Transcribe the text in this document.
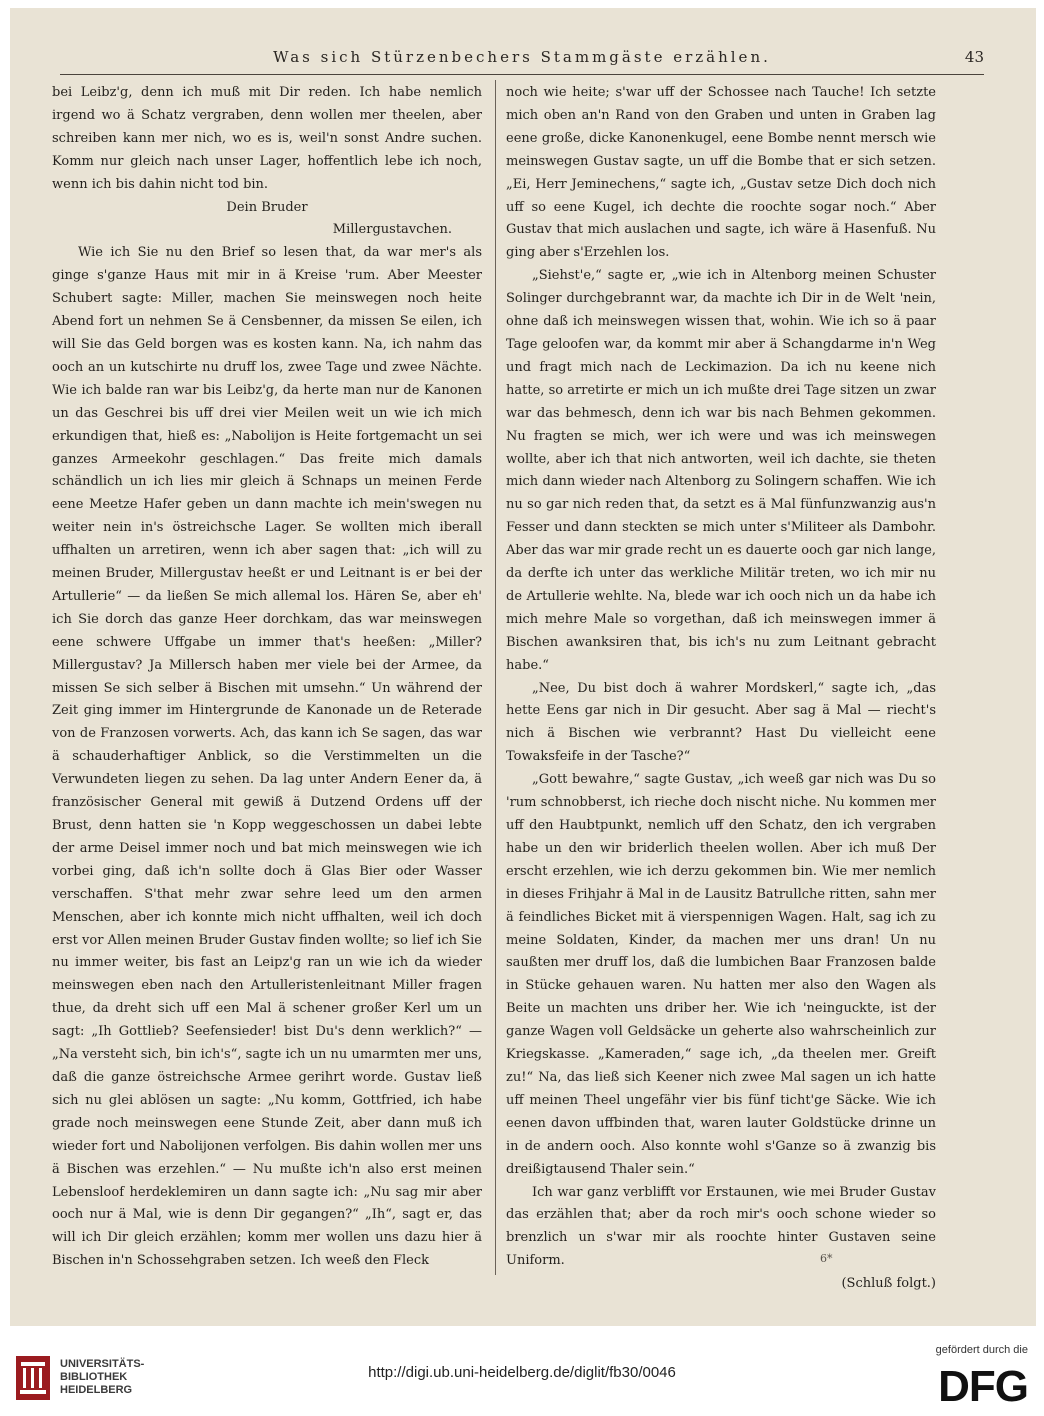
Was sich Stürzenbechers Stammgäste erzählen.	43

bei Leibz'g, denn ich muß mit Dir reden. Ich habe nemlich irgend wo ä Schatz vergraben, denn wollen mer theelen, aber schreiben kann mer nich, wo es is, weil'n sonst Andre suchen. Komm nur gleich nach unser Lager, hoffentlich lebe ich noch, wenn ich bis dahin nicht tod bin.

Dein Bruder

Millergustavchen.

Wie ich Sie nu den Brief so lesen that, da war mer's als ginge s'ganze Haus mit mir in ä Kreise 'rum. Aber Meester Schubert sagte: Miller, machen Sie meinswegen noch heite Abend fort un nehmen Se ä Censbenner, da missen Se eilen, ich will Sie das Geld borgen was es kosten kann. Na, ich nahm das ooch an un kutschirte nu druff los, zwee Tage und zwee Nächte. Wie ich balde ran war bis Leibz'g, da herte man nur de Kanonen un das Geschrei bis uff drei vier Meilen weit un wie ich mich erkundigen that, hieß es: „Nabolijon is Heite fortgemacht un sei ganzes Armeekohr geschlagen.“ Das freite mich damals schändlich un ich lies mir gleich ä Schnaps un meinen Ferde eene Meetze Hafer geben un dann machte ich mein'swegen nu weiter nein in's östreichsche Lager. Se wollten mich iberall uffhalten un arretiren, wenn ich aber sagen that: „ich will zu meinen Bruder, Millergustav heeßt er und Leitnant is er bei der Artullerie“ — da ließen Se mich allemal los. Hären Se, aber eh' ich Sie dorch das ganze Heer dorchkam, das war meinswegen eene schwere Uffgabe un immer that's heeßen: „Miller? Millergustav? Ja Millersch haben mer viele bei der Armee, da missen Se sich selber ä Bischen mit umsehn.“ Un während der Zeit ging immer im Hintergrunde de Kanonade un de Reterade von de Franzosen vorwerts. Ach, das kann ich Se sagen, das war ä schauderhaftiger Anblick, so die Verstimmelten un die Verwundeten liegen zu sehen. Da lag unter Andern Eener da, ä französischer General mit gewiß ä Dutzend Ordens uff der Brust, denn hatten sie 'n Kopp weggeschossen un dabei lebte der arme Deisel immer noch und bat mich meinswegen wie ich vorbei ging, daß ich'n sollte doch ä Glas Bier oder Wasser verschaffen. S'that mehr zwar sehre leed um den armen Menschen, aber ich konnte mich nicht uffhalten, weil ich doch erst vor Allen meinen Bruder Gustav finden wollte; so lief ich Sie nu immer weiter, bis fast an Leipz'g ran un wie ich da wieder meinswegen eben nach den Artulleristenleitnant Miller fragen thue, da dreht sich uff een Mal ä schener großer Kerl um un sagt: „Ih Gottlieb? Seefensieder! bist Du's denn werklich?“ — „Na versteht sich, bin ich's“, sagte ich un nu umarmten mer uns, daß die ganze östreichsche Armee gerihrt worde. Gustav ließ sich nu glei ablösen un sagte: „Nu komm, Gottfried, ich habe grade noch meinswegen eene Stunde Zeit, aber dann muß ich wieder fort und Nabolijonen verfolgen. Bis dahin wollen mer uns ä Bischen was erzehlen.“ — Nu mußte ich'n also erst meinen Lebensloof herdeklemiren un dann sagte ich: „Nu sag mir aber ooch nur ä Mal, wie is denn Dir gegangen?“ „Ih“, sagt er, das will ich Dir gleich erzählen; komm mer wollen uns dazu hier ä Bischen in'n Schossehgraben setzen. Ich weeß den Fleck

noch wie heite; s'war uff der Schossee nach Tauche! Ich setzte mich oben an'n Rand von den Graben und unten in Graben lag eene große, dicke Kanonenkugel, eene Bombe nennt mersch wie meinswegen Gustav sagte, un uff die Bombe that er sich setzen. „Ei, Herr Jeminechens,“ sagte ich, „Gustav setze Dich doch nich uff so eene Kugel, ich dechte die roochte sogar noch.“ Aber Gustav that mich auslachen und sagte, ich wäre ä Hasenfuß. Nu ging aber s'Erzehlen los.

„Siehst'e,“ sagte er, „wie ich in Altenborg meinen Schuster Solinger durchgebrannt war, da machte ich Dir in de Welt 'nein, ohne daß ich meinswegen wissen that, wohin. Wie ich so ä paar Tage geloofen war, da kommt mir aber ä Schangdarme in'n Weg und fragt mich nach de Leckimazion. Da ich nu keene nich hatte, so arretirte er mich un ich mußte drei Tage sitzen un zwar war das behmesch, denn ich war bis nach Behmen gekommen. Nu fragten se mich, wer ich were und was ich meinswegen wollte, aber ich that nich antworten, weil ich dachte, sie theten mich dann wieder nach Altenborg zu Solingern schaffen. Wie ich nu so gar nich reden that, da setzt es ä Mal fünfunzwanzig aus'n Fesser und dann steckten se mich unter s'Militeer als Dambohr. Aber das war mir grade recht un es dauerte ooch gar nich lange, da derfte ich unter das werkliche Militär treten, wo ich mir nu de Artullerie wehlte. Na, blede war ich ooch nich un da habe ich mich mehre Male so vorgethan, daß ich meinswegen immer ä Bischen awanksiren that, bis ich's nu zum Leitnant gebracht habe.“

„Nee, Du bist doch ä wahrer Mordskerl,“ sagte ich, „das hette Eens gar nich in Dir gesucht. Aber sag ä Mal — riecht's nich ä Bischen wie verbrannt? Hast Du vielleicht eene Towaksfeife in der Tasche?“

„Gott bewahre,“ sagte Gustav, „ich weeß gar nich was Du so 'rum schnobberst, ich rieche doch nischt niche. Nu kommen mer uff den Haubtpunkt, nemlich uff den Schatz, den ich vergraben habe un den wir briderlich theelen wollen. Aber ich muß Der erscht erzehlen, wie ich derzu gekommen bin. Wie mer nemlich in dieses Frihjahr ä Mal in de Lausitz Batrullche ritten, sahn mer ä feindliches Bicket mit ä vierspennigen Wagen. Halt, sag ich zu meine Soldaten, Kinder, da machen mer uns dran! Un nu saußten mer druff los, daß die lumbichen Baar Franzosen balde in Stücke gehauen waren. Nu hatten mer also den Wagen als Beite un machten uns driber her. Wie ich 'neinguckte, ist der ganze Wagen voll Geldsäcke un geherte also wahrscheinlich zur Kriegskasse. „Kameraden,“ sage ich, „da theelen mer. Greift zu!“ Na, das ließ sich Keener nich zwee Mal sagen un ich hatte uff meinen Theel ungefähr vier bis fünf ticht'ge Säcke. Wie ich eenen davon uffbinden that, waren lauter Goldstücke drinne un in de andern ooch. Also konnte wohl s'Ganze so ä zwanzig bis dreißigtausend Thaler sein.“

Ich war ganz verblifft vor Erstaunen, wie mei Bruder Gustav das erzählen that; aber da roch mir's ooch schone wieder so brenzlich un s'war mir als roochte hinter Gustaven seine Uniform.

(Schluß folgt.)

6*
UNIVERSITÄTS-
BIBLIOTHEK
HEIDELBERG
http://digi.ub.uni-heidelberg.de/diglit/fb30/0046
gefördert durch die
DFG
